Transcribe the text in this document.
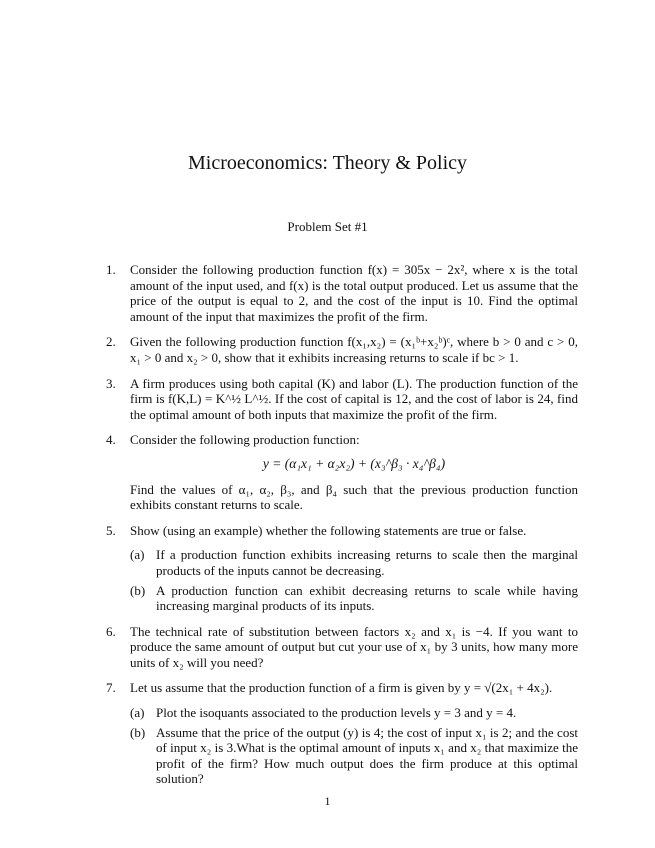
Microeconomics: Theory & Policy
Problem Set #1
1. Consider the following production function f(x) = 305x − 2x², where x is the total amount of the input used, and f(x) is the total output produced. Let us assume that the price of the output is equal to 2, and the cost of the input is 10. Find the optimal amount of the input that maximizes the profit of the firm.
2. Given the following production function f(x₁,x₂) = (x₁ᵇ+x₂ᵇ)ᶜ, where b > 0 and c > 0, x₁ > 0 and x₂ > 0, show that it exhibits increasing returns to scale if bc > 1.
3. A firm produces using both capital (K) and labor (L). The production function of the firm is f(K,L) = K^½ L^½. If the cost of capital is 12, and the cost of labor is 24, find the optimal amount of both inputs that maximize the profit of the firm.
4. Consider the following production function:
y = (α₁x₁ + α₂x₂) + (x₃^β₃ · x₄^β₄)
Find the values of α₁, α₂, β₃, and β₄ such that the previous production function exhibits constant returns to scale.
5. Show (using an example) whether the following statements are true or false.
(a) If a production function exhibits increasing returns to scale then the marginal products of the inputs cannot be decreasing.
(b) A production function can exhibit decreasing returns to scale while having increasing marginal products of its inputs.
6. The technical rate of substitution between factors x₂ and x₁ is −4. If you want to produce the same amount of output but cut your use of x₁ by 3 units, how many more units of x₂ will you need?
7. Let us assume that the production function of a firm is given by y = √(2x₁ + 4x₂).
(a) Plot the isoquants associated to the production levels y = 3 and y = 4.
(b) Assume that the price of the output (y) is 4; the cost of input x₁ is 2; and the cost of input x₂ is 3.What is the optimal amount of inputs x₁ and x₂ that maximize the profit of the firm? How much output does the firm produce at this optimal solution?
1
